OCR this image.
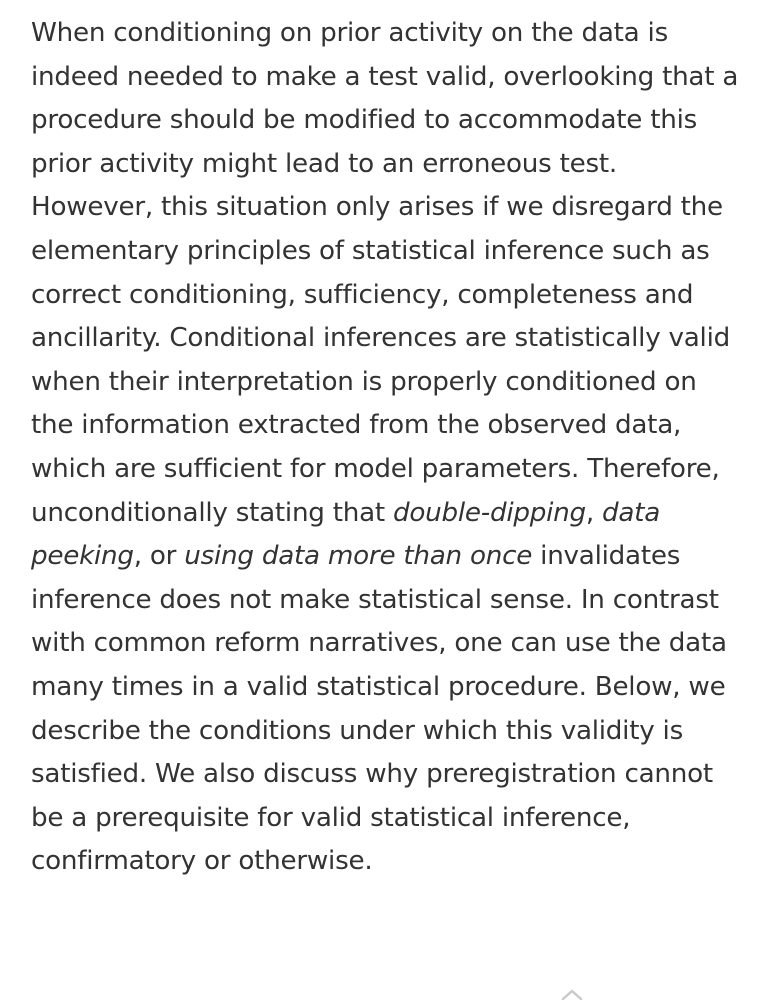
When conditioning on prior activity on the data is indeed needed to make a test valid, overlooking that a procedure should be modified to accommodate this prior activity might lead to an erroneous test. However, this situation only arises if we disregard the elementary principles of statistical inference such as correct conditioning, sufficiency, completeness and ancillarity. Conditional inferences are statistically valid when their interpretation is properly conditioned on the information extracted from the observed data, which are sufficient for model parameters. Therefore, unconditionally stating that double-dipping, data peeking, or using data more than once invalidates inference does not make statistical sense. In contrast with common reform narratives, one can use the data many times in a valid statistical procedure. Below, we describe the conditions under which this validity is satisfied. We also discuss why preregistration cannot be a prerequisite for valid statistical inference, confirmatory or otherwise.
